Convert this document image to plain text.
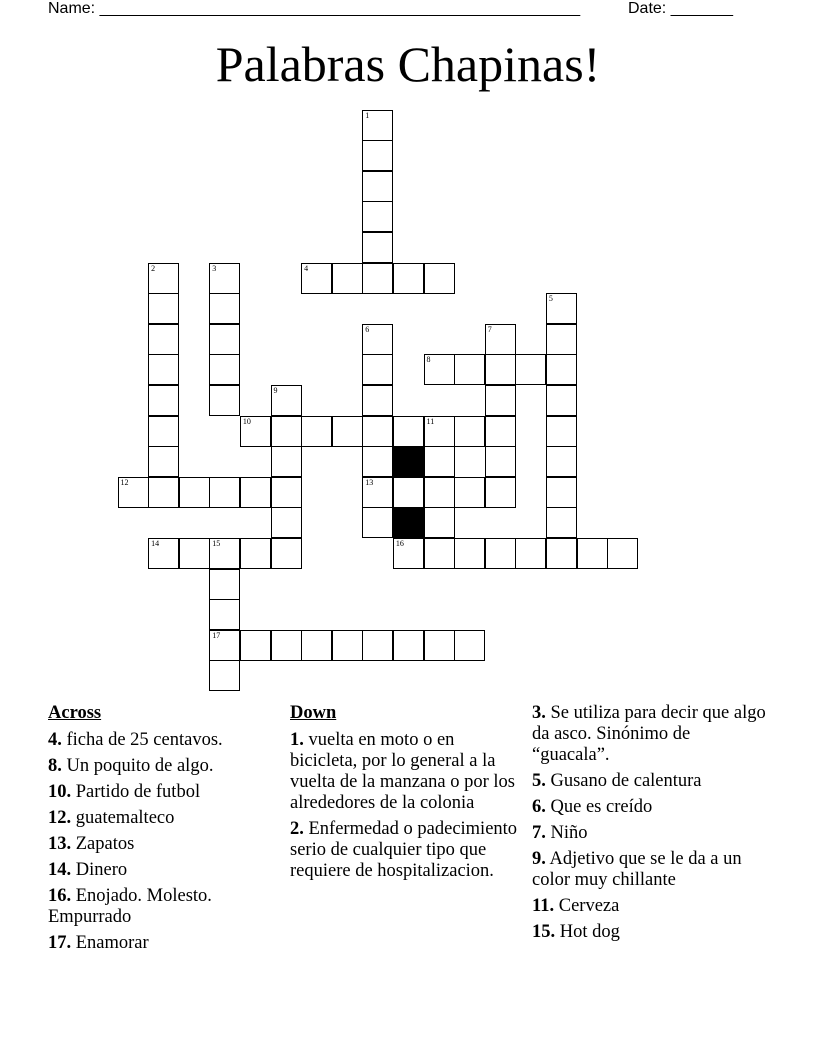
Name: ______________________________________________________	Date: _______
Palabras Chapinas!
1
2	3	4
5
6	7
8
9
10	11
12	13
14	15	16
17
Across
4. ficha de 25 centavos.
8. Un poquito de algo.
10. Partido de futbol
12. guatemalteco
13. Zapatos
14. Dinero
16. Enojado. Molesto. Empurrado
17. Enamorar
Down
1. vuelta en moto o en bicicleta, por lo general a la vuelta de la manzana o por los alrededores de la colonia
2. Enfermedad o padecimiento serio de cualquier tipo que requiere de hospitalizacion.
3. Se utiliza para decir que algo da asco. Sinónimo de “guacala”.
5. Gusano de calentura
6. Que es creído
7. Niño
9. Adjetivo que se le da a un color muy chillante
11. Cerveza
15. Hot dog
